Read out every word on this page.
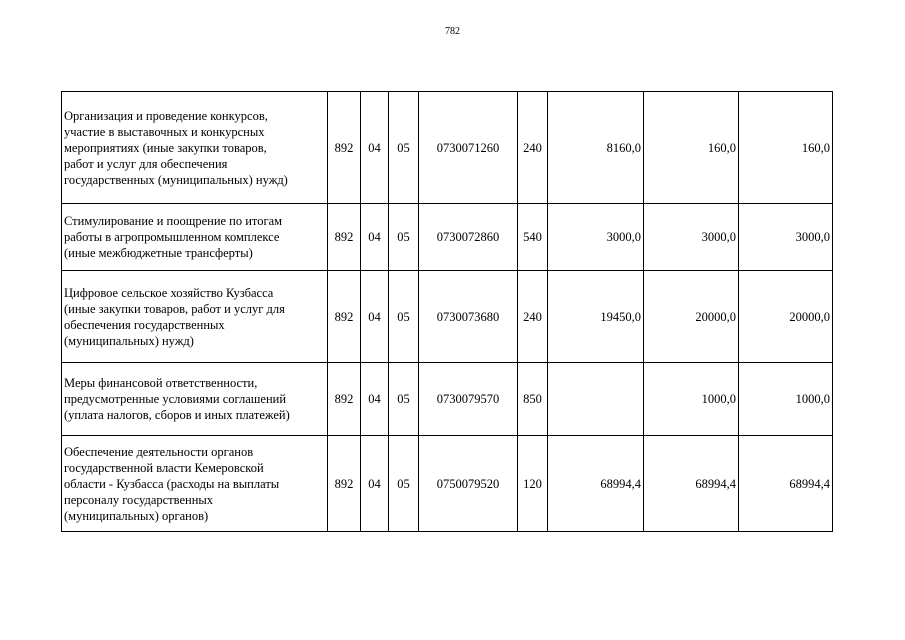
782
Организация и проведение конкурсов,
участие в выставочных и конкурсных
мероприятиях (иные закупки товаров,
работ и услуг для обеспечения
государственных (муниципальных) нужд)	892	04	05	0730071260	240	8160,0	160,0	160,0

Стимулирование и поощрение по итогам
работы в агропромышленном комплексе
(иные межбюджетные трансферты)	892	04	05	0730072860	540	3000,0	3000,0	3000,0

Цифровое сельское хозяйство Кузбасса
(иные закупки товаров, работ и услуг для
обеспечения государственных
(муниципальных) нужд)	892	04	05	0730073680	240	19450,0	20000,0	20000,0

Меры финансовой ответственности,
предусмотренные условиями соглашений
(уплата налогов, сборов и иных платежей)	892	04	05	0730079570	850		1000,0	1000,0

Обеспечение деятельности органов
государственной власти Кемеровской
области - Кузбасса (расходы на выплаты
персоналу государственных
(муниципальных) органов)	892	04	05	0750079520	120	68994,4	68994,4	68994,4
